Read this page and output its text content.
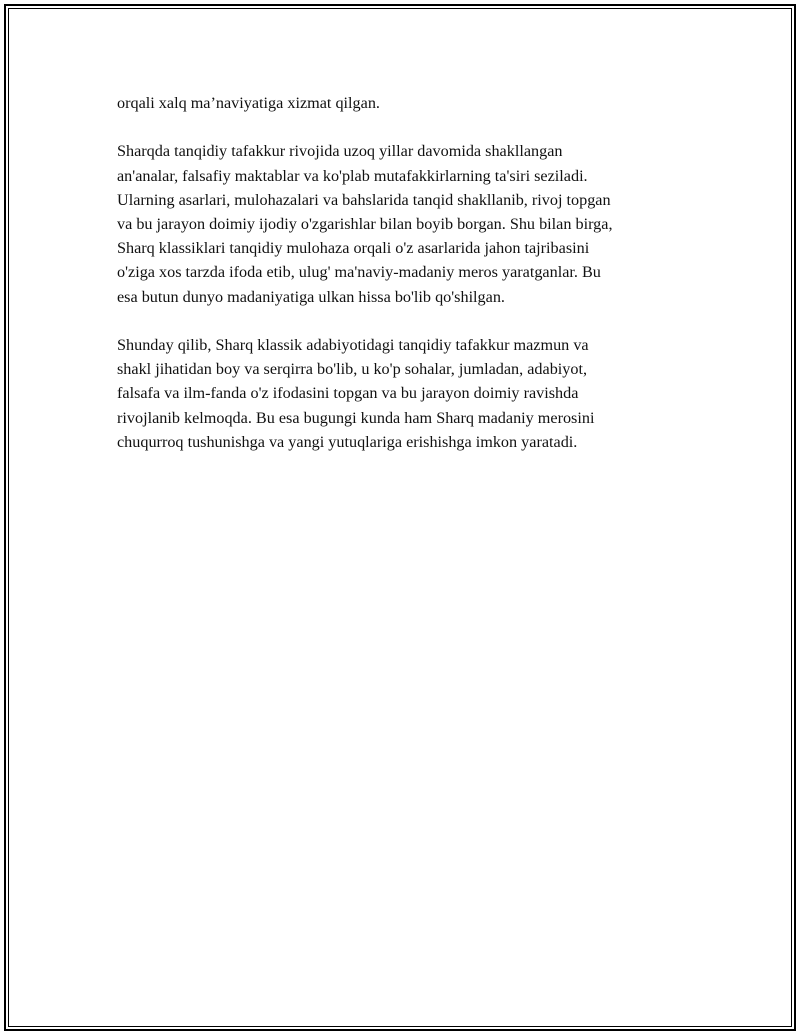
orqali xalq ma’naviyatiga xizmat qilgan.

Sharqda tanqidiy tafakkur rivojida uzoq yillar davomida shakllangan
an'analar, falsafiy maktablar va ko'plab mutafakkirlarning ta'siri seziladi.
Ularning asarlari, mulohazalari va bahslarida tanqid shakllanib, rivoj topgan
va bu jarayon doimiy ijodiy o'zgarishlar bilan boyib borgan. Shu bilan birga,
Sharq klassiklari tanqidiy mulohaza orqali o'z asarlarida jahon tajribasini
o'ziga xos tarzda ifoda etib, ulug' ma'naviy-madaniy meros yaratganlar. Bu
esa butun dunyo madaniyatiga ulkan hissa bo'lib qo'shilgan.

Shunday qilib, Sharq klassik adabiyotidagi tanqidiy tafakkur mazmun va
shakl jihatidan boy va serqirra bo'lib, u ko'p sohalar, jumladan, adabiyot,
falsafa va ilm-fanda o'z ifodasini topgan va bu jarayon doimiy ravishda
rivojlanib kelmoqda. Bu esa bugungi kunda ham Sharq madaniy merosini
chuqurroq tushunishga va yangi yutuqlariga erishishga imkon yaratadi.
